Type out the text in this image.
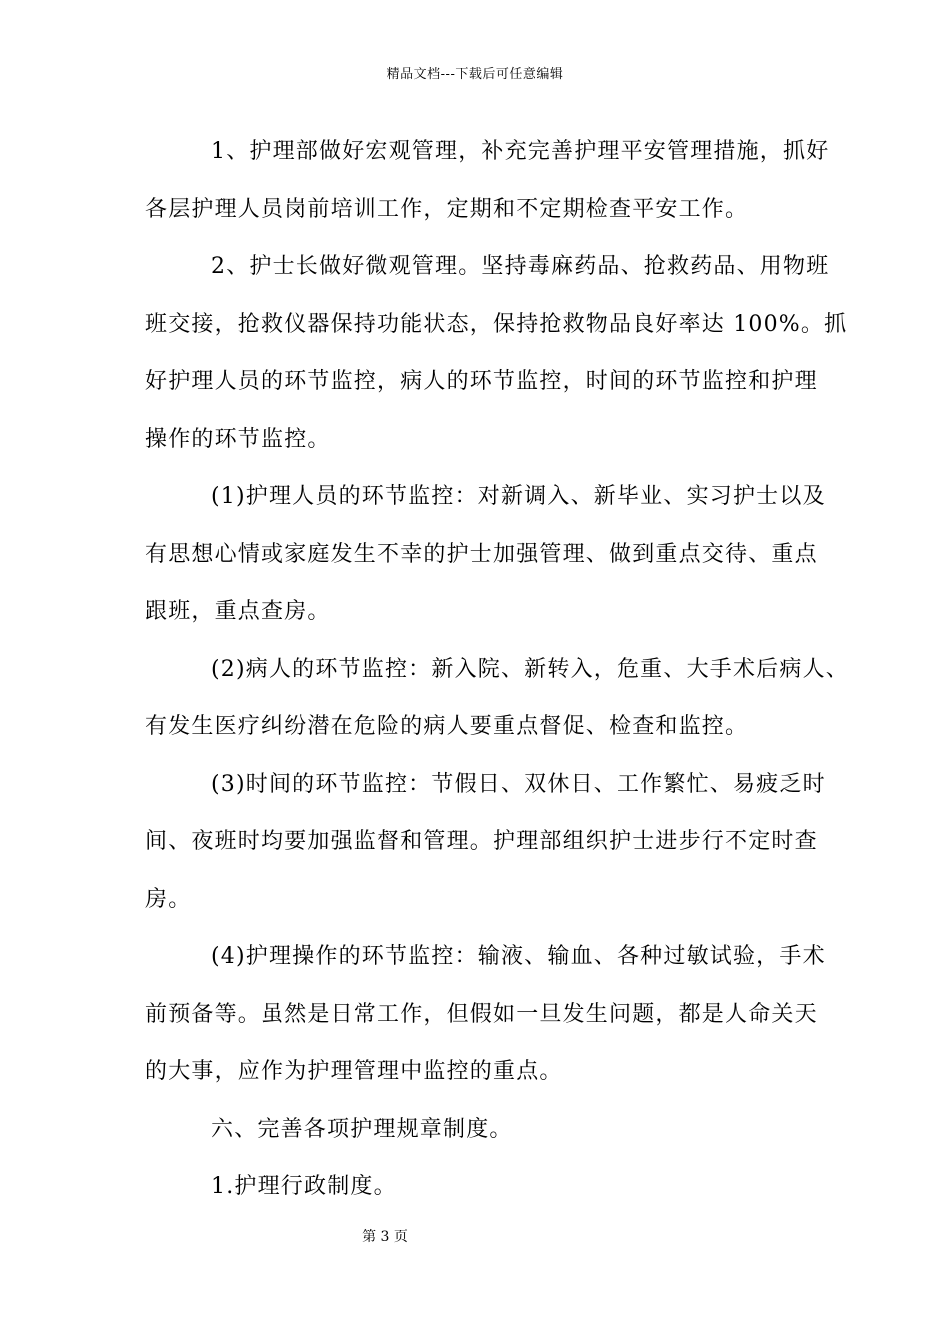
精品文档---下载后可任意编辑
1、护理部做好宏观管理，补充完善护理平安管理措施，抓好
各层护理人员岗前培训工作，定期和不定期检查平安工作。
2、护士长做好微观管理。坚持毒麻药品、抢救药品、用物班
班交接，抢救仪器保持功能状态，保持抢救物品良好率达 100%。抓
好护理人员的环节监控，病人的环节监控，时间的环节监控和护理
操作的环节监控。
(1)护理人员的环节监控：对新调入、新毕业、实习护士以及
有思想心情或家庭发生不幸的护士加强管理、做到重点交待、重点
跟班，重点查房。
(2)病人的环节监控：新入院、新转入，危重、大手术后病人、
有发生医疗纠纷潜在危险的病人要重点督促、检查和监控。
(3)时间的环节监控：节假日、双休日、工作繁忙、易疲乏时
间、夜班时均要加强监督和管理。护理部组织护士进步行不定时查
房。
(4)护理操作的环节监控：输液、输血、各种过敏试验，手术
前预备等。虽然是日常工作，但假如一旦发生问题，都是人命关天
的大事，应作为护理管理中监控的重点。
六、完善各项护理规章制度。
1.护理行政制度。
第 3 页
